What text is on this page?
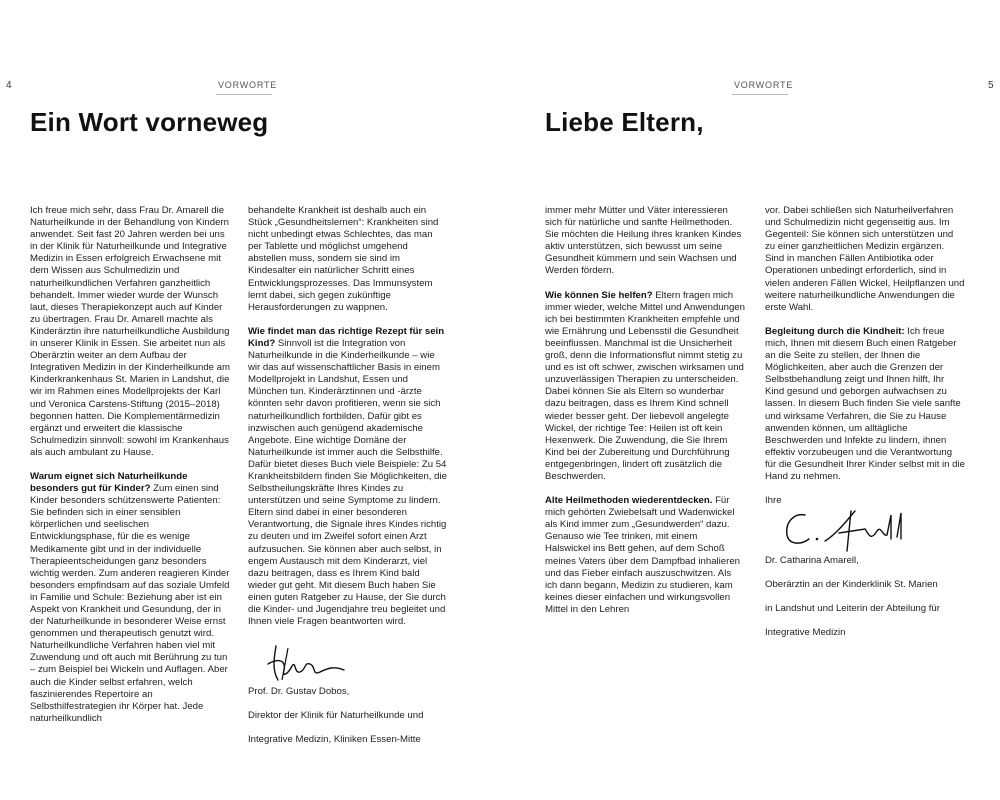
4	VORWORTE
Ein Wort vorneweg

Ich freue mich sehr, dass Frau Dr. Amarell die Naturheilkunde in der Behandlung von Kindern anwendet. Seit fast 20 Jahren werden bei uns in der Klinik für Naturheilkunde und Integrative Medizin in Essen erfolgreich Erwachsene mit dem Wissen aus Schulmedizin und naturheilkundlichen Verfahren ganzheitlich behandelt. Immer wieder wurde der Wunsch laut, dieses Therapiekonzept auch auf Kinder zu übertragen. Frau Dr. Amarell machte als Kinderärztin ihre naturheilkundliche Ausbildung in unserer Klinik in Essen. Sie arbeitet nun als Oberärztin weiter an dem Aufbau der Integrativen Medizin in der Kinderheilkunde am Kinderkrankenhaus St. Marien in Landshut, die wir im Rahmen eines Modellprojekts der Karl und Veronica Carstens-Stiftung (2015–2018) begonnen hatten. Die Komplementärmedizin ergänzt und erweitert die klassische Schulmedizin sinnvoll: sowohl im Krankenhaus als auch ambulant zu Hause.

Warum eignet sich Naturheilkunde besonders gut für Kinder? Zum einen sind Kinder besonders schützenswerte Patienten: Sie befinden sich in einer sensiblen körperlichen und seelischen Entwicklungsphase, für die es wenige Medikamente gibt und in der individuelle Therapieentscheidungen ganz besonders wichtig werden. Zum anderen reagieren Kinder besonders empfindsam auf das soziale Umfeld in Familie und Schule: Beziehung aber ist ein Aspekt von Krankheit und Gesundung, der in der Naturheilkunde in besonderer Weise ernst genommen und therapeutisch genutzt wird. Naturheilkundliche Verfahren haben viel mit Zuwendung und oft auch mit Berührung zu tun – zum Beispiel bei Wickeln und Auflagen. Aber auch die Kinder selbst erfahren, welch faszinierendes Repertoire an Selbsthilfestrategien ihr Körper hat. Jede naturheilkundlich

behandelte Krankheit ist deshalb auch ein Stück „Gesundheitslernen“: Krankheiten sind nicht unbedingt etwas Schlechtes, das man per Tablette und möglichst umgehend abstellen muss, sondern sie sind im Kindesalter ein natürlicher Schritt eines Entwicklungsprozesses. Das Immunsystem lernt dabei, sich gegen zukünftige Herausforderungen zu wappnen.

Wie findet man das richtige Rezept für sein Kind? Sinnvoll ist die Integration von Naturheilkunde in die Kinderheilkunde – wie wir das auf wissenschaftlicher Basis in einem Modellprojekt in Landshut, Essen und München tun. Kinderärztinnen und -ärzte könnten sehr davon profitieren, wenn sie sich naturheilkundlich fortbilden. Dafür gibt es inzwischen auch genügend akademische Angebote. Eine wichtige Domäne der Naturheilkunde ist immer auch die Selbsthilfe. Dafür bietet dieses Buch viele Beispiele: Zu 54 Krankheitsbildern finden Sie Möglichkeiten, die Selbstheilungskräfte Ihres Kindes zu unterstützen und seine Symptome zu lindern. Eltern sind dabei in einer besonderen Verantwortung, die Signale ihres Kindes richtig zu deuten und im Zweifel sofort einen Arzt aufzusuchen. Sie können aber auch selbst, in engem Austausch mit dem Kinderarzt, viel dazu beitragen, dass es Ihrem Kind bald wieder gut geht. Mit diesem Buch haben Sie einen guten Ratgeber zu Hause, der Sie durch die Kinder- und Jugendjahre treu begleitet und Ihnen viele Fragen beantworten wird.

Prof. Dr. Gustav Dobos,

Direktor der Klinik für Naturheilkunde und

Integrative Medizin, Kliniken Essen-Mitte

5
VORWORTE
Liebe Eltern,

immer mehr Mütter und Väter interessieren sich für natürliche und sanfte Heilmethoden. Sie möchten die Heilung ihres kranken Kindes aktiv unterstützen, sich bewusst um seine Gesundheit kümmern und sein Wachsen und Werden fördern.

Wie können Sie helfen? Eltern fragen mich immer wieder, welche Mittel und Anwendungen ich bei bestimmten Krankheiten empfehle und wie Ernährung und Lebensstil die Gesundheit beeinflussen. Manchmal ist die Unsicherheit groß, denn die Informationsflut nimmt stetig zu und es ist oft schwer, zwischen wirksamen und unzuverlässigen Therapien zu unterscheiden. Dabei können Sie als Eltern so wunderbar dazu beitragen, dass es Ihrem Kind schnell wieder besser geht. Der liebevoll angelegte Wickel, der richtige Tee: Heilen ist oft kein Hexenwerk. Die Zuwendung, die Sie Ihrem Kind bei der Zubereitung und Durchführung entgegenbringen, lindert oft zusätzlich die Beschwerden.

Alte Heilmethoden wiederentdecken. Für mich gehörten Zwiebelsaft und Wadenwickel als Kind immer zum „Gesundwerden“ dazu. Genauso wie Tee trinken, mit einem Halswickel ins Bett gehen, auf dem Schoß meines Vaters über dem Dampfbad inhalieren und das Fieber einfach auszuschwitzen. Als ich dann begann, Medizin zu studieren, kam keines dieser einfachen und wirkungsvollen Mittel in den Lehren

vor. Dabei schließen sich Naturheilverfahren und Schulmedizin nicht gegenseitig aus. Im Gegenteil: Sie können sich unterstützen und zu einer ganzheitlichen Medizin ergänzen. Sind in manchen Fällen Antibiotika oder Operationen unbedingt erforderlich, sind in vielen anderen Fällen Wickel, Heilpflanzen und weitere naturheilkundliche Anwendungen die erste Wahl.

Begleitung durch die Kindheit: Ich freue mich, Ihnen mit diesem Buch einen Ratgeber an die Seite zu stellen, der Ihnen die Möglichkeiten, aber auch die Grenzen der Selbstbehandlung zeigt und Ihnen hilft, Ihr Kind gesund und geborgen aufwachsen zu lassen. In diesem Buch finden Sie viele sanfte und wirksame Verfahren, die Sie zu Hause anwenden können, um alltägliche Beschwerden und Infekte zu lindern, ihnen effektiv vorzubeugen und die Verantwortung für die Gesundheit Ihrer Kinder selbst mit in die Hand zu nehmen.

Ihre

Dr. Catharina Amarell,

Oberärztin an der Kinderklinik St. Marien

in Landshut und Leiterin der Abteilung für

Integrative Medizin
